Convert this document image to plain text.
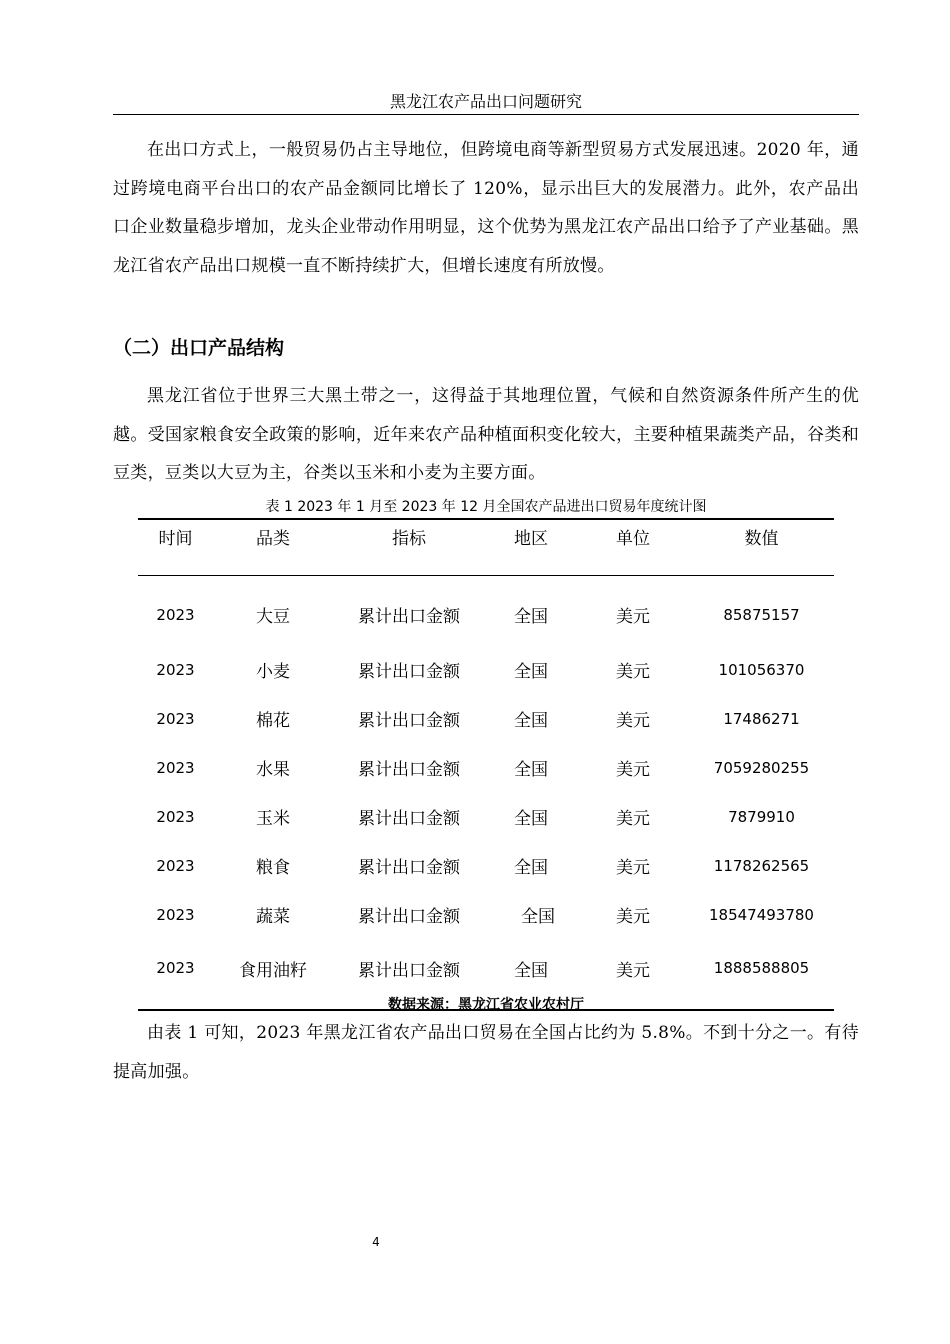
黑龙江农产品出口问题研究

在出口方式上，一般贸易仍占主导地位，但跨境电商等新型贸易方式发展迅速。2020 年，通过跨境电商平台出口的农产品金额同比增长了 120%，显示出巨大的发展潜力。此外，农产品出口企业数量稳步增加，龙头企业带动作用明显，这个优势为黑龙江农产品出口给予了产业基础。黑龙江省农产品出口规模一直不断持续扩大，但增长速度有所放慢。

（二）出口产品结构

黑龙江省位于世界三大黑土带之一，这得益于其地理位置，气候和自然资源条件所产生的优越。受国家粮食安全政策的影响，近年来农产品种植面积变化较大，主要种植果蔬类产品，谷类和豆类，豆类以大豆为主，谷类以玉米和小麦为主要方面。

表 1 2023 年 1 月至 2023 年 12 月全国农产品进出口贸易年度统计图
时间	品类	指标	地区	单位	数值
2023	大豆	累计出口金额	全国	美元	85875157
2023	小麦	累计出口金额	全国	美元	101056370
2023	棉花	累计出口金额	全国	美元	17486271
2023	水果	累计出口金额	全国	美元	7059280255
2023	玉米	累计出口金额	全国	美元	7879910
2023	粮食	累计出口金额	全国	美元	1178262565
2023	蔬菜	累计出口金额	全国	美元	18547493780
2023	食用油籽	累计出口金额	全国	美元	1888588805
数据来源：黑龙江省农业农村厅

由表 1 可知，2023 年黑龙江省农产品出口贸易在全国占比约为 5.8%。不到十分之一。有待提高加强。

4
